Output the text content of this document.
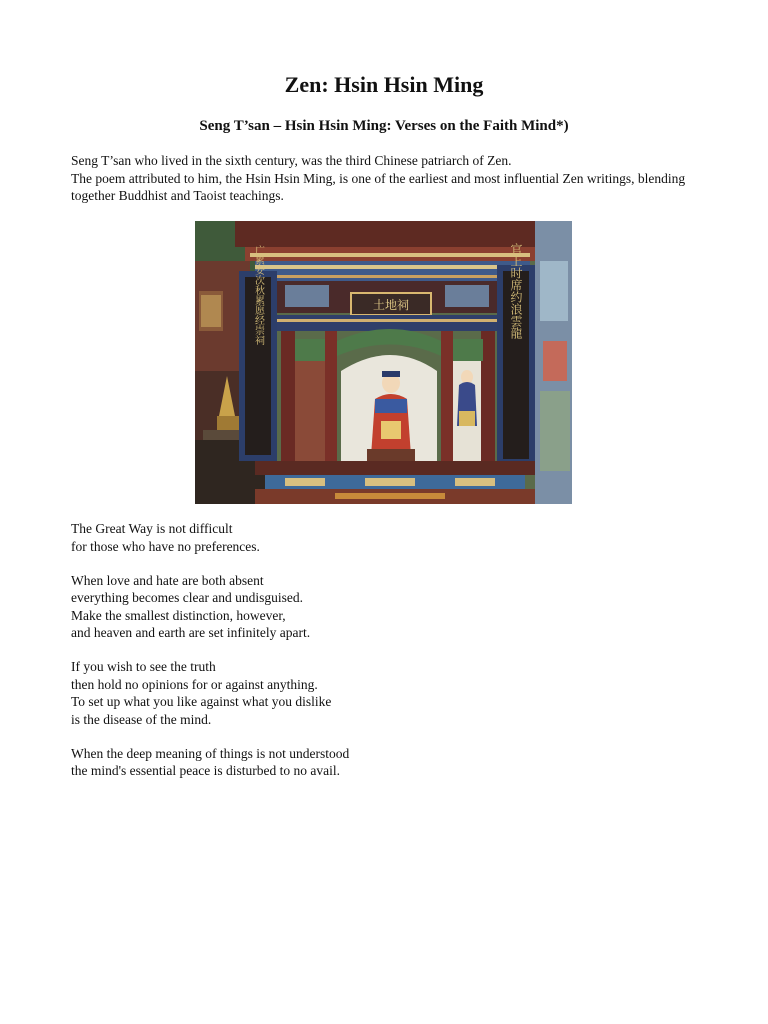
Zen: Hsin Hsin Ming
Seng T’san – Hsin Hsin Ming: Verses on the Faith Mind*)

Seng T’san who lived in the sixth century, was the third Chinese patriarch of Zen.

The poem attributed to him, the Hsin Hsin Ming, is one of the earliest and most influential Zen writings, blending together Buddhist and Taoist teachings.

土地祠
广累安次秋累愿经崇祠	官上时席约浪雲龍
The Great Way is not difficult
for those who have no preferences.
When love and hate are both absent
everything becomes clear and undisguised.
Make the smallest distinction, however,
and heaven and earth are set infinitely apart.
If you wish to see the truth
then hold no opinions for or against anything.
To set up what you like against what you dislike
is the disease of the mind.
When the deep meaning of things is not understood
the mind's essential peace is disturbed to no avail.
